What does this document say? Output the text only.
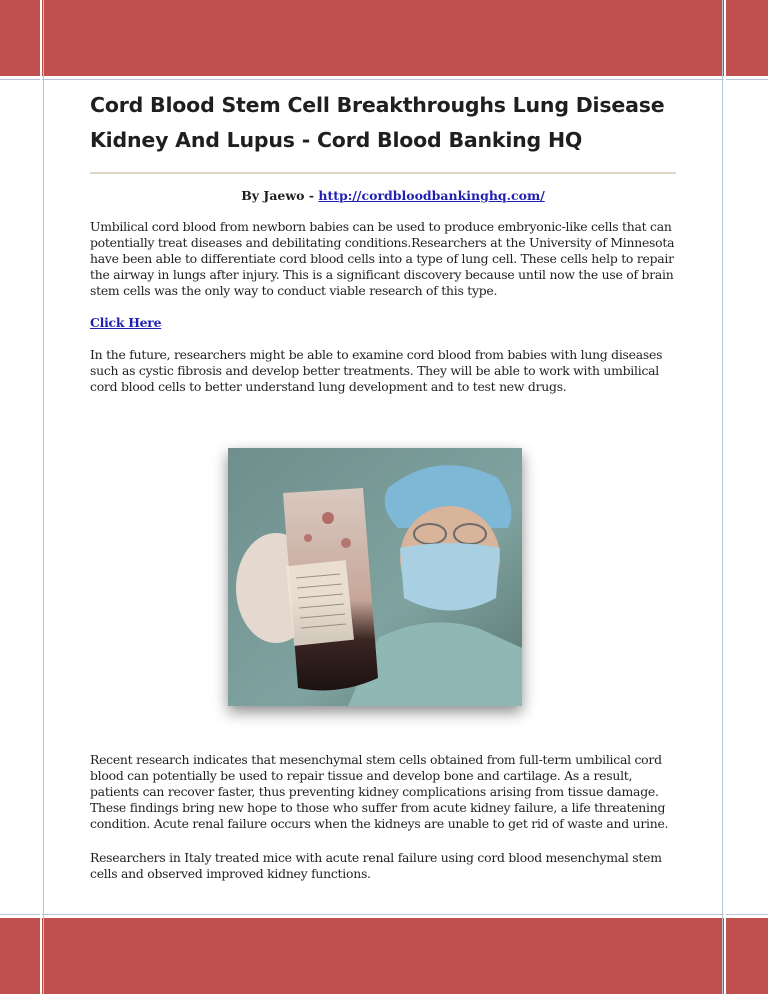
Cord Blood Stem Cell Breakthroughs Lung Disease Kidney And Lupus - Cord Blood Banking HQ
By Jaewo - http://cordbloodbankinghq.com/

Umbilical cord blood from newborn babies can be used to produce embryonic-like cells that can potentially treat diseases and debilitating conditions.Researchers at the University of Minnesota have been able to differentiate cord blood cells into a type of lung cell. These cells help to repair the airway in lungs after injury. This is a significant discovery because until now the use of brain stem cells was the only way to conduct viable research of this type.

Click Here

In the future, researchers might be able to examine cord blood from babies with lung diseases such as cystic fibrosis and develop better treatments. They will be able to work with umbilical cord blood cells to better understand lung development and to test new drugs.

Recent research indicates that mesenchymal stem cells obtained from full-term umbilical cord blood can potentially be used to repair tissue and develop bone and cartilage. As a result, patients can recover faster, thus preventing kidney complications arising from tissue damage. These findings bring new hope to those who suffer from acute kidney failure, a life threatening condition. Acute renal failure occurs when the kidneys are unable to get rid of waste and urine.

Researchers in Italy treated mice with acute renal failure using cord blood mesenchymal stem cells and observed improved kidney functions.
